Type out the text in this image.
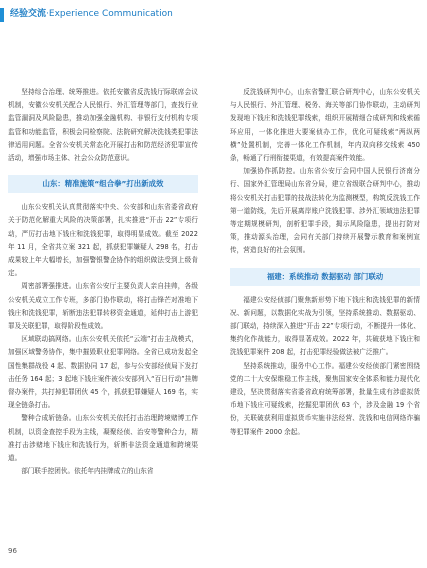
经验交流·Experience Communication

坚持综合治理、统筹推进。依托安徽省反洗钱厅际联席会议机制，安徽公安机关配合人民银行、外汇管理等部门，查找行业监管漏洞及风险隐患，推动加强金融机构、非银行支付机构专项监管和功能监管，积极会同检察院、法院研究解决洗钱类犯罪法律适用问题。全省公安机关常态化开展打击和防范经济犯罪宣传活动，增强市场主体、社会公众防范意识。

山东：精准施策“组合拳”打出新成效

山东公安机关认真贯彻落实中央、公安部和山东省委省政府关于防范化解重大风险的决策部署，扎实推进“开击 22”专项行动，严厉打击地下钱庄和洗钱犯罪，取得明显成效。截至 2022 年 11 月，全省共立案 321 起，抓获犯罪嫌疑人 298 名，打击成果较上年大幅增长，加强警银警企协作的组织做法受到上级肯定。

周密部署强推进。山东省公安厅主要负责人亲自挂帅，各级公安机关成立工作专班，多部门协作联动，将打击锋芒对准地下钱庄和洗钱犯罪，斩断违法犯罪转移资金通道，延伸打击上游犯罪及关联犯罪，取得阶段性成效。

区域联动搞网络。山东公安机关依托“云端”打击主战模式，加强区域警务协作，集中摧毁职业犯罪网络。全省已成功发起全国性集群战役 4 起、数据协同 17 起，参与公安部经侦局下发打击任务 164 起；3 起地下钱庄案件被公安部列入“百日行动”挂牌督办案件，共打掉犯罪团伙 45 个，抓获犯罪嫌疑人 169 名，实现全链条打击。

警种合成斩链条。山东公安机关依托打击治理跨境赌博工作机制，以资金查控手段为主线，凝聚经侦、治安等警种合力，精准打击涉赌地下钱庄和洗钱行为，斩断非法资金通道和跨境渠道。

部门联手控团伙。依托年内挂牌成立的山东省

反洗钱研判中心，山东省警汇联合研判中心，山东公安机关与人民银行、外汇管理、税务、海关等部门协作联动，主动研判发现地下钱庄和洗钱犯罪线索，组织开展精细合成研判和线索循环应用，一体化推进大要案侦办工作，优化可疑线索“两纵两横”处置机制，完善一体化工作机制，年内双向移交线索 450 条，畅通了行刑衔接渠道，有效提高案件效能。

加强协作抓防控。山东省公安厅会同中国人民银行济南分行、国家外汇管理局山东省分局，建立省级联合研判中心，推动将公安机关打击犯罪的技战法转化为监测模型，构筑反洗钱工作第一道防线，先后开展离岸账户洗钱犯罪、涉外汇领域违法犯罪等定期规模研判，剖析犯罪手段，揭示风险隐患，提出打防对策，推动源头治理，会同有关部门持续开展警示教育和案例宣传，营造良好的社会氛围。

福建：系统推动 数据驱动 部门联动

福建公安经侦部门聚焦新形势下地下钱庄和洗钱犯罪的新情况、新问题，以数据化实战为引领，坚持系统推动、数据驱动、部门联动，持续深入推进“开击 22”专项行动，不断提升一体化、集约化作战能力，取得显著成效。2022 年，共破获地下钱庄和洗钱犯罪案件 208 起，打击犯罪经验做法被广泛推广。

坚持系统推动，服务中心工作。福建公安经侦部门紧密围绕党的二十大安保维稳工作主线，聚焦国家安全体系和能力现代化建设，坚决贯彻落实省委省政府统筹部署，批量生成有涉虚拟货币地下钱庄可疑线索，挖掘犯罪团伙 63 个，涉及金融 19 个省份，关联破获利用虚拟货币实施非法经营、洗钱和电信网络诈骗等犯罪案件 2000 余起。

96
